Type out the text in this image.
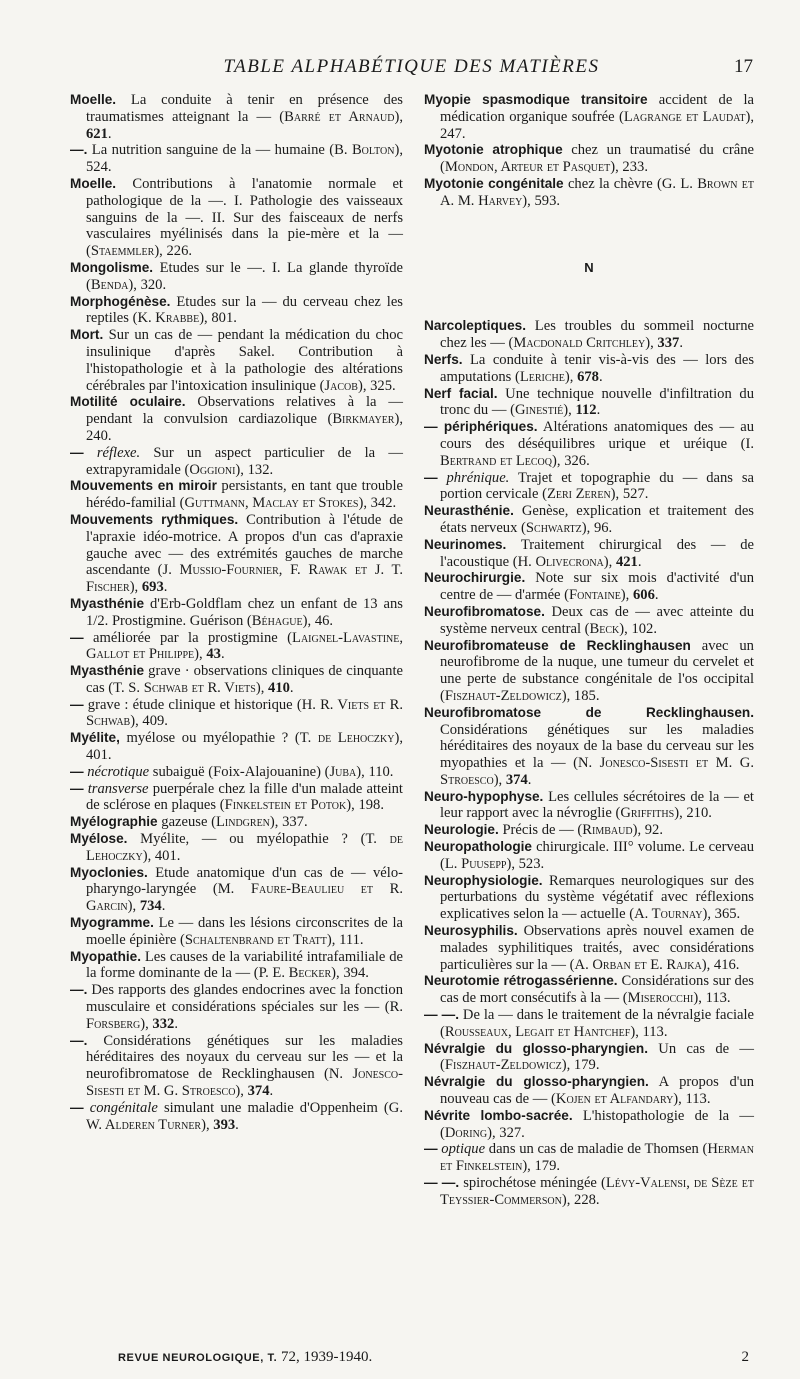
TABLE ALPHABÉTIQUE DES MATIÈRES	17
Moelle. La conduite à tenir en présence des traumatismes atteignant la — (Barré et Arnaud), 621.
—. La nutrition sanguine de la — humaine (B. Bolton), 524.
Moelle. Contributions à l'anatomie normale et pathologique de la —. I. Pathologie des vaisseaux sanguins de la —. II. Sur des faisceaux de nerfs vasculaires myélinisés dans la pie-mère et la — (Staemmler), 226.
Mongolisme. Etudes sur le —. I. La glande thyroïde (Benda), 320.
Morphogénèse. Etudes sur la — du cerveau chez les reptiles (K. Krabbe), 801.
Mort. Sur un cas de — pendant la médication du choc insulinique d'après Sakel. Contribution à l'histopathologie et à la pathologie des altérations cérébrales par l'intoxication insulinique (Jacob), 325.
Motilité oculaire. Observations relatives à la — pendant la convulsion cardiazolique (Birkmayer), 240.
— réflexe. Sur un aspect particulier de la — extrapyramidale (Oggioni), 132.
Mouvements en miroir persistants, en tant que trouble hérédo-familial (Guttmann, Maclay et Stokes), 342.
Mouvements rythmiques. Contribution à l'étude de l'apraxie idéo-motrice. A propos d'un cas d'apraxie gauche avec — des extrémités gauches de marche ascendante (J. Mussio-Fournier, F. Rawak et J. T. Fischer), 693.
Myasthénie d'Erb-Goldflam chez un enfant de 13 ans 1/2. Prostigmine. Guérison (Béhague), 46.
— améliorée par la prostigmine (Laignel-Lavastine, Gallot et Philippe), 43.
Myasthénie grave · observations cliniques de cinquante cas (T. S. Schwab et R. Viets), 410.
— grave : étude clinique et historique (H. R. Viets et R. Schwab), 409.
Myélite, myélose ou myélopathie ? (T. de Lehoczky), 401.
— nécrotique subaiguë (Foix-Alajouanine) (Juba), 110.
— transverse puerpérale chez la fille d'un malade atteint de sclérose en plaques (Finkelstein et Potok), 198.
Myélographie gazeuse (Lindgren), 337.
Myélose. Myélite, — ou myélopathie ? (T. de Lehoczky), 401.
Myoclonies. Etude anatomique d'un cas de — vélo-pharyngo-laryngée (M. Faure-Beaulieu et R. Garcin), 734.
Myogramme. Le — dans les lésions circonscrites de la moelle épinière (Schaltenbrand et Tratt), 111.
Myopathie. Les causes de la variabilité intrafamiliale de la forme dominante de la — (P. E. Becker), 394.
—. Des rapports des glandes endocrines avec la fonction musculaire et considérations spéciales sur les — (R. Forsberg), 332.
—. Considérations génétiques sur les maladies héréditaires des noyaux du cerveau sur les — et la neurofibromatose de Recklinghausen (N. Jonesco-Sisesti et M. G. Stroesco), 374.
— congénitale simulant une maladie d'Oppenheim (G. W. Alderen Turner), 393.
Myopie spasmodique transitoire accident de la médication organique soufrée (Lagrange et Laudat), 247.
Myotonie atrophique chez un traumatisé du crâne (Mondon, Arteur et Pasquet), 233.
Myotonie congénitale chez la chèvre (G. L. Brown et A. M. Harvey), 593.
N
Narcoleptiques. Les troubles du sommeil nocturne chez les — (Macdonald Critchley), 337.
Nerfs. La conduite à tenir vis-à-vis des — lors des amputations (Leriche), 678.
Nerf facial. Une technique nouvelle d'infiltration du tronc du — (Ginestié), 112.
— périphériques. Altérations anatomiques des — au cours des déséquilibres urique et uréique (I. Bertrand et Lecoq), 326.
— phrénique. Trajet et topographie du — dans sa portion cervicale (Zeri Zeren), 527.
Neurasthénie. Genèse, explication et traitement des états nerveux (Schwartz), 96.
Neurinomes. Traitement chirurgical des — de l'acoustique (H. Olivecrona), 421.
Neurochirurgie. Note sur six mois d'activité d'un centre de — d'armée (Fontaine), 606.
Neurofibromatose. Deux cas de — avec atteinte du système nerveux central (Beck), 102.
Neurofibromateuse de Recklinghausen avec un neurofibrome de la nuque, une tumeur du cervelet et une perte de substance congénitale de l'os occipital (Fiszhaut-Zeldowicz), 185.
Neurofibromatose de Recklinghausen. Considérations génétiques sur les maladies héréditaires des noyaux de la base du cerveau sur les myopathies et la — (N. Jonesco-Sisesti et M. G. Stroesco), 374.
Neuro-hypophyse. Les cellules sécrétoires de la — et leur rapport avec la névroglie (Griffiths), 210.
Neurologie. Précis de — (Rimbaud), 92.
Neuropathologie chirurgicale. III° volume. Le cerveau (L. Puusepp), 523.
Neurophysiologie. Remarques neurologiques sur des perturbations du système végétatif avec réflexions explicatives selon la — actuelle (A. Tournay), 365.
Neurosyphilis. Observations après nouvel examen de malades syphilitiques traités, avec considérations particulières sur la — (A. Orban et E. Rajka), 416.
Neurotomie rétrogassérienne. Considérations sur des cas de mort consécutifs à la — (Miserocchi), 113.
— —. De la — dans le traitement de la névralgie faciale (Rousseaux, Legait et Hantchef), 113.
Névralgie du glosso-pharyngien. Un cas de — (Fiszhaut-Zeldowicz), 179.
Névralgie du glosso-pharyngien. A propos d'un nouveau cas de — (Kojen et Alfandary), 113.
Névrite lombo-sacrée. L'histopathologie de la — (Doring), 327.
— optique dans un cas de maladie de Thomsen (Herman et Finkelstein), 179.
— —. spirochétose méningée (Lévy-Valensi, de Sèze et Teyssier-Commerson), 228.
REVUE NEUROLOGIQUE, T. 72, 1939-1940.	2
